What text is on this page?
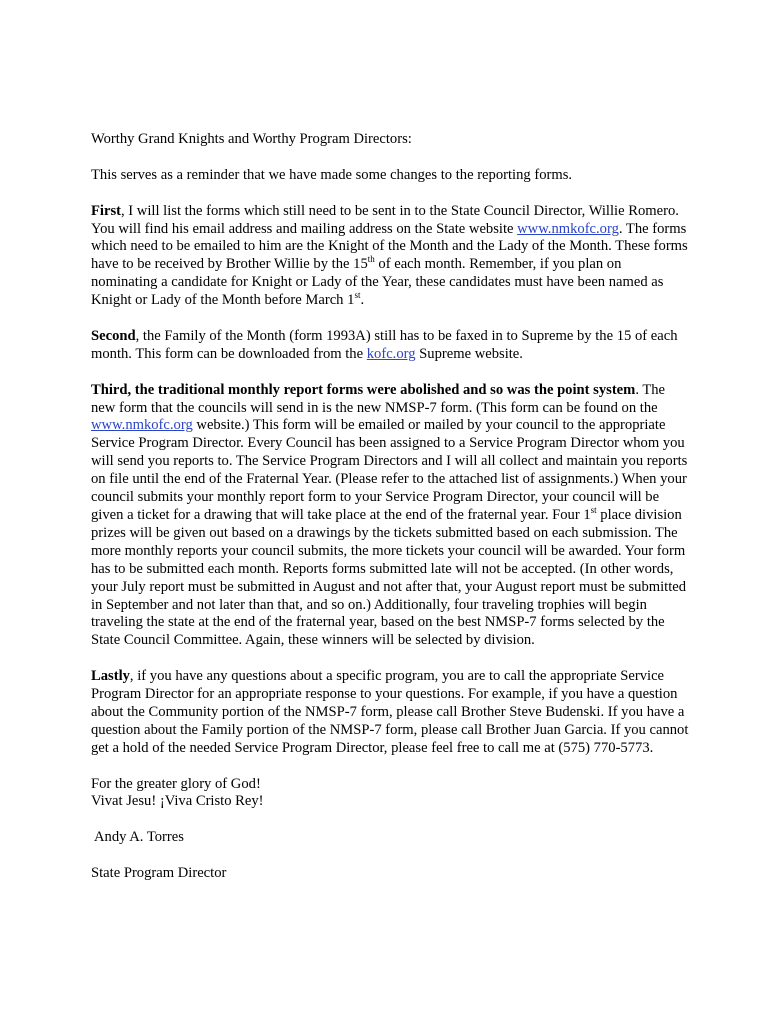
Worthy Grand Knights and Worthy Program Directors:

This serves as a reminder that we have made some changes to the reporting forms.

First, I will list the forms which still need to be sent in to the State Council Director, Willie Romero. You will find his email address and mailing address on the State website www.nmkofc.org. The forms which need to be emailed to him are the Knight of the Month and the Lady of the Month. These forms have to be received by Brother Willie by the 15th of each month. Remember, if you plan on nominating a candidate for Knight or Lady of the Year, these candidates must have been named as Knight or Lady of the Month before March 1st.

Second, the Family of the Month (form 1993A) still has to be faxed in to Supreme by the 15 of each month. This form can be downloaded from the kofc.org Supreme website.

Third, the traditional monthly report forms were abolished and so was the point system. The new form that the councils will send in is the new NMSP-7 form. (This form can be found on the www.nmkofc.org website.) This form will be emailed or mailed by your council to the appropriate Service Program Director. Every Council has been assigned to a Service Program Director whom you will send you reports to. The Service Program Directors and I will all collect and maintain you reports on file until the end of the Fraternal Year. (Please refer to the attached list of assignments.) When your council submits your monthly report form to your Service Program Director, your council will be given a ticket for a drawing that will take place at the end of the fraternal year. Four 1st place division prizes will be given out based on a drawings by the tickets submitted based on each submission. The more monthly reports your council submits, the more tickets your council will be awarded. Your form has to be submitted each month. Reports forms submitted late will not be accepted. (In other words, your July report must be submitted in August and not after that, your August report must be submitted in September and not later than that, and so on.) Additionally, four traveling trophies will begin traveling the state at the end of the fraternal year, based on the best NMSP-7 forms selected by the State Council Committee. Again, these winners will be selected by division.

Lastly, if you have any questions about a specific program, you are to call the appropriate Service Program Director for an appropriate response to your questions. For example, if you have a question about the Community portion of the NMSP-7 form, please call Brother Steve Budenski. If you have a question about the Family portion of the NMSP-7 form, please call Brother Juan Garcia. If you cannot get a hold of the needed Service Program Director, please feel free to call me at (575) 770-5773.

For the greater glory of God!
Vivat Jesu! ¡Viva Cristo Rey!

Andy A. Torres

State Program Director
